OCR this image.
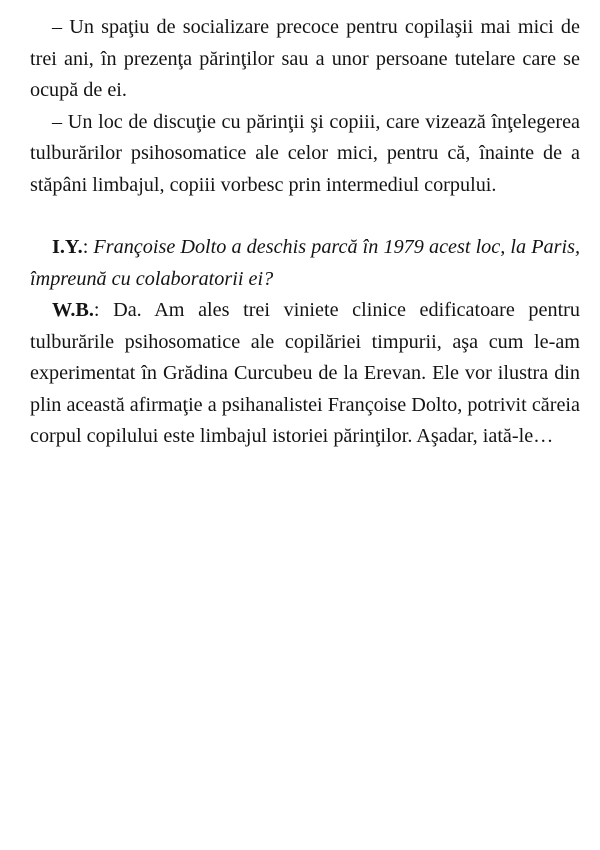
– Un spaţiu de socializare precoce pentru copilaşii mai mici de trei ani, în prezenţa părinţilor sau a unor persoane tutelare care se ocupă de ei.

– Un loc de discuţie cu părinţii şi copiii, care vizează înţelegerea tulburărilor psihosomatice ale celor mici, pentru că, înainte de a stăpâni limbajul, copiii vorbesc prin intermediul corpului.

I.Y.: Françoise Dolto a deschis parcă în 1979 acest loc, la Paris, împreună cu colaboratorii ei?

W.B.: Da. Am ales trei viniete clinice edificatoare pentru tulburările psihosomatice ale copilăriei timpurii, aşa cum le-am experimentat în Grădina Curcubeu de la Erevan. Ele vor ilustra din plin această afirmaţie a psihanalistei Françoise Dolto, potrivit căreia corpul copilului este limbajul istoriei părinţilor. Aşadar, iată-le…
